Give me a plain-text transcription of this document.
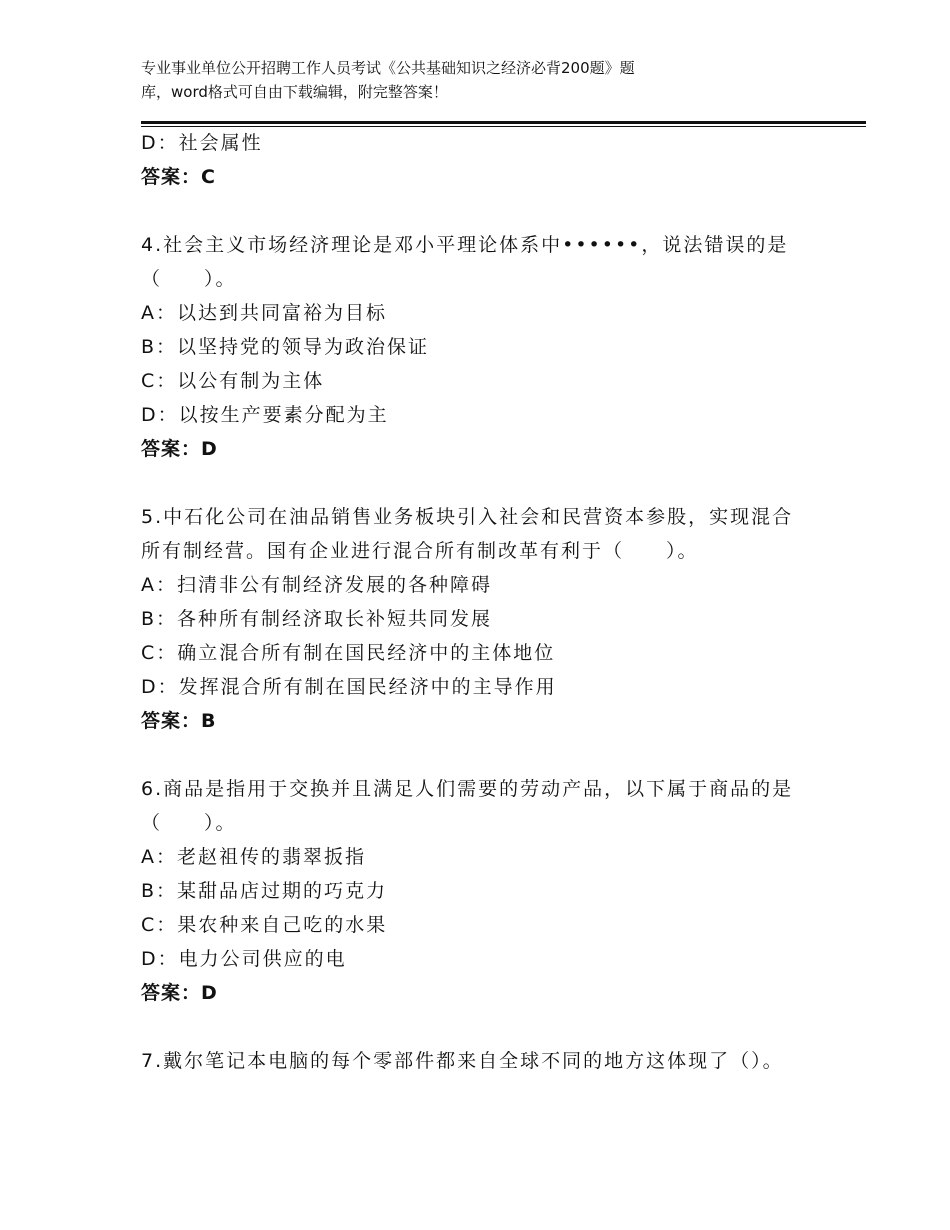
专业事业单位公开招聘工作人员考试《公共基础知识之经济必背200题》题
库，word格式可自由下载编辑，附完整答案！

D：社会属性

答案：C

4.社会主义市场经济理论是邓小平理论体系中••••••，说法错误的是（　　）。

A：以达到共同富裕为目标

B：以坚持党的领导为政治保证

C：以公有制为主体

D：以按生产要素分配为主

答案：D

5.中石化公司在油品销售业务板块引入社会和民营资本参股，实现混合所有制经营。国有企业进行混合所有制改革有利于（　　）。

A：扫清非公有制经济发展的各种障碍

B：各种所有制经济取长补短共同发展

C：确立混合所有制在国民经济中的主体地位

D：发挥混合所有制在国民经济中的主导作用

答案：B

6.商品是指用于交换并且满足人们需要的劳动产品，以下属于商品的是（　　）。

A：老赵祖传的翡翠扳指

B：某甜品店过期的巧克力

C：果农种来自己吃的水果

D：电力公司供应的电

答案：D

7.戴尔笔记本电脑的每个零部件都来自全球不同的地方这体现了（）。
